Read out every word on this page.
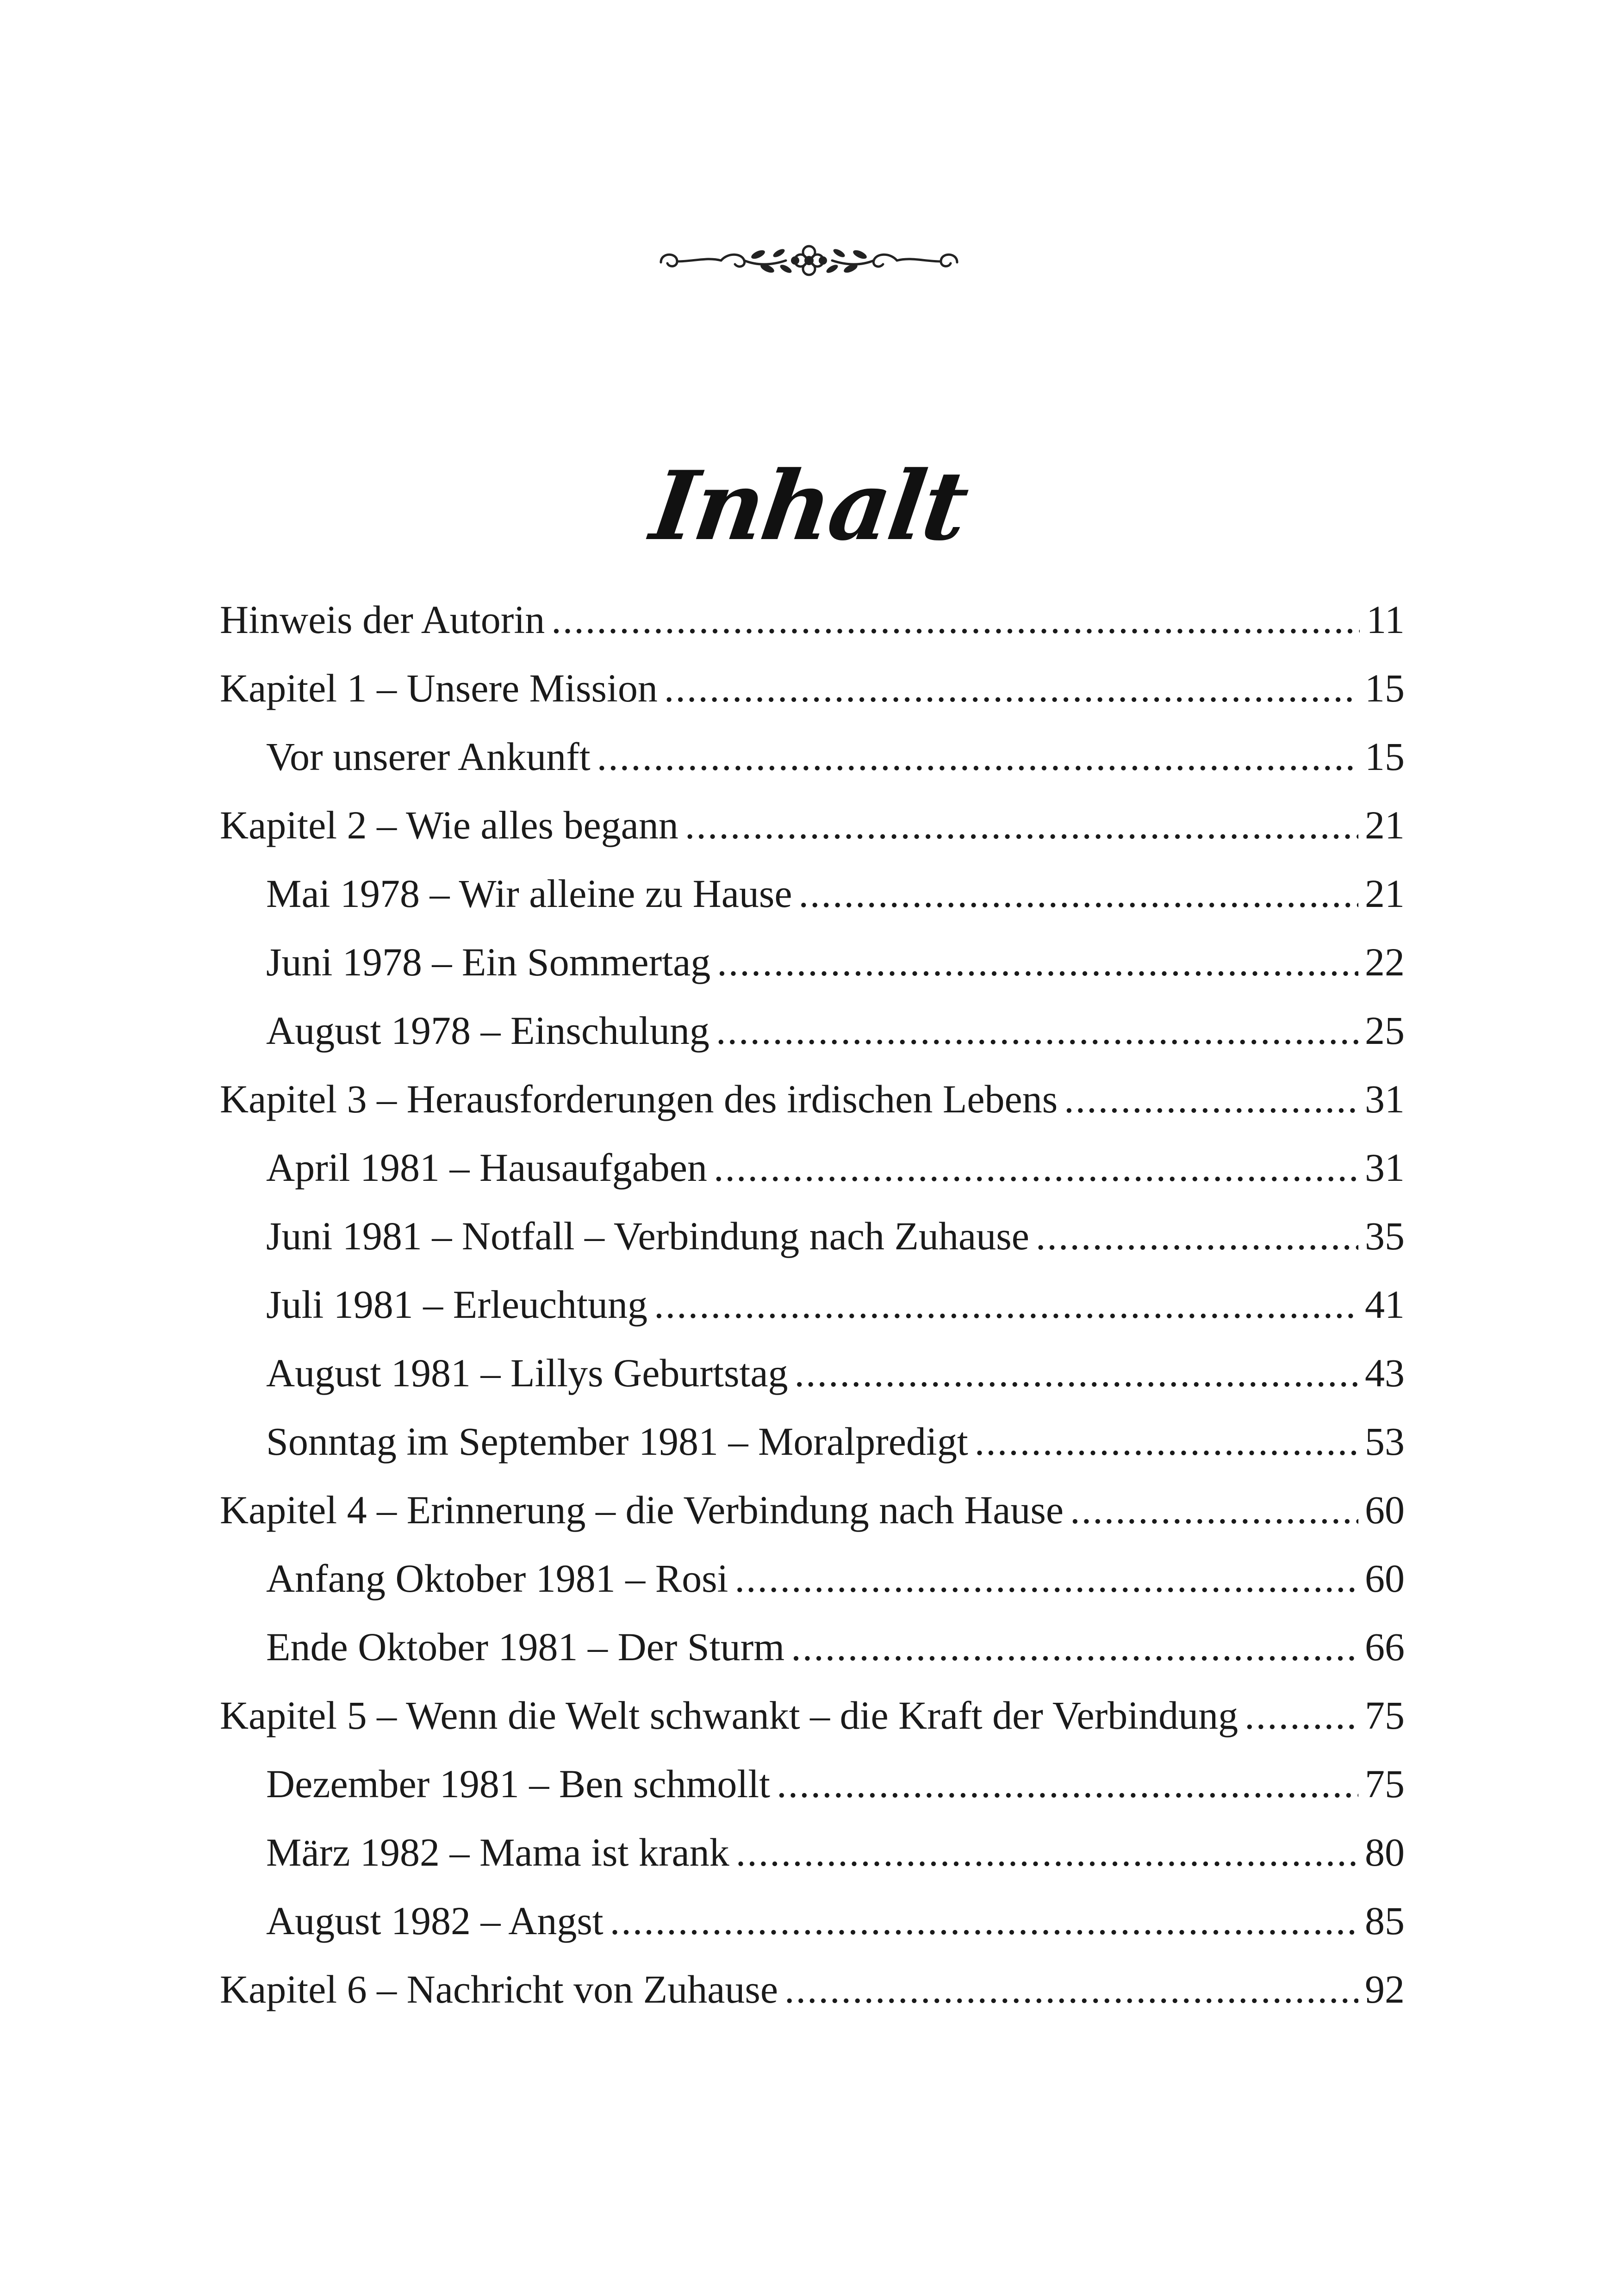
Inhalt
Hinweis der Autorin .....	11
Kapitel 1 – Unsere Mission .....	15
Vor unserer Ankunft .....	15
Kapitel 2 – Wie alles begann .....	21
Mai 1978 – Wir alleine zu Hause .....	21
Juni 1978 – Ein Sommertag .....	22
August 1978 – Einschulung .....	25
Kapitel 3 – Herausforderungen des irdischen Lebens .....	31
April 1981 – Hausaufgaben .....	31
Juni 1981 – Notfall – Verbindung nach Zuhause .....	35
Juli 1981 – Erleuchtung .....	41
August 1981 – Lillys Geburtstag .....	43
Sonntag im September 1981 – Moralpredigt .....	53
Kapitel 4 – Erinnerung – die Verbindung nach Hause .....	60
Anfang Oktober 1981 – Rosi .....	60
Ende Oktober 1981 – Der Sturm .....	66
Kapitel 5 – Wenn die Welt schwankt – die Kraft der Verbindung .....	75
Dezember 1981 – Ben schmollt .....	75
März 1982 – Mama ist krank .....	80
August 1982 – Angst .....	85
Kapitel 6 – Nachricht von Zuhause .....	92
